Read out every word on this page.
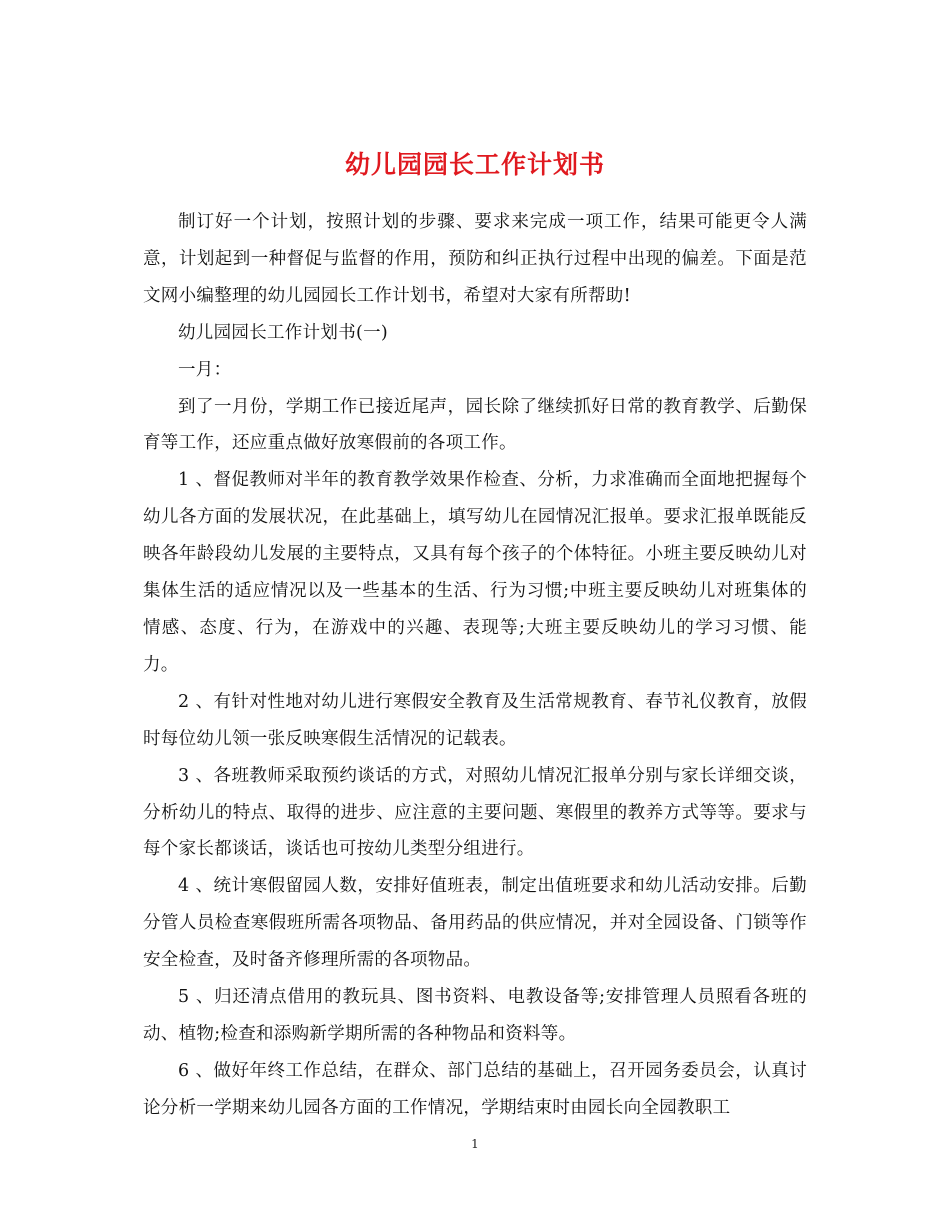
幼儿园园长工作计划书

制订好一个计划，按照计划的步骤、要求来完成一项工作，结果可能更令人满意，计划起到一种督促与监督的作用，预防和纠正执行过程中出现的偏差。下面是范文网小编整理的幼儿园园长工作计划书，希望对大家有所帮助!

幼儿园园长工作计划书(一)

一月：

到了一月份，学期工作已接近尾声，园长除了继续抓好日常的教育教学、后勤保育等工作，还应重点做好放寒假前的各项工作。

1 、督促教师对半年的教育教学效果作检查、分析，力求准确而全面地把握每个幼儿各方面的发展状况，在此基础上，填写幼儿在园情况汇报单。要求汇报单既能反映各年龄段幼儿发展的主要特点，又具有每个孩子的个体特征。小班主要反映幼儿对集体生活的适应情况以及一些基本的生活、行为习惯;中班主要反映幼儿对班集体的情感、态度、行为，在游戏中的兴趣、表现等;大班主要反映幼儿的学习习惯、能力。

2 、有针对性地对幼儿进行寒假安全教育及生活常规教育、春节礼仪教育，放假时每位幼儿领一张反映寒假生活情况的记载表。

3 、各班教师采取预约谈话的方式，对照幼儿情况汇报单分别与家长详细交谈，分析幼儿的特点、取得的进步、应注意的主要问题、寒假里的教养方式等等。要求与每个家长都谈话，谈话也可按幼儿类型分组进行。

4 、统计寒假留园人数，安排好值班表，制定出值班要求和幼儿活动安排。后勤分管人员检查寒假班所需各项物品、备用药品的供应情况，并对全园设备、门锁等作安全检查，及时备齐修理所需的各项物品。

5 、归还清点借用的教玩具、图书资料、电教设备等;安排管理人员照看各班的动、植物;检查和添购新学期所需的各种物品和资料等。

6 、做好年终工作总结，在群众、部门总结的基础上，召开园务委员会，认真讨论分析一学期来幼儿园各方面的工作情况，学期结束时由园长向全园教职工

1
